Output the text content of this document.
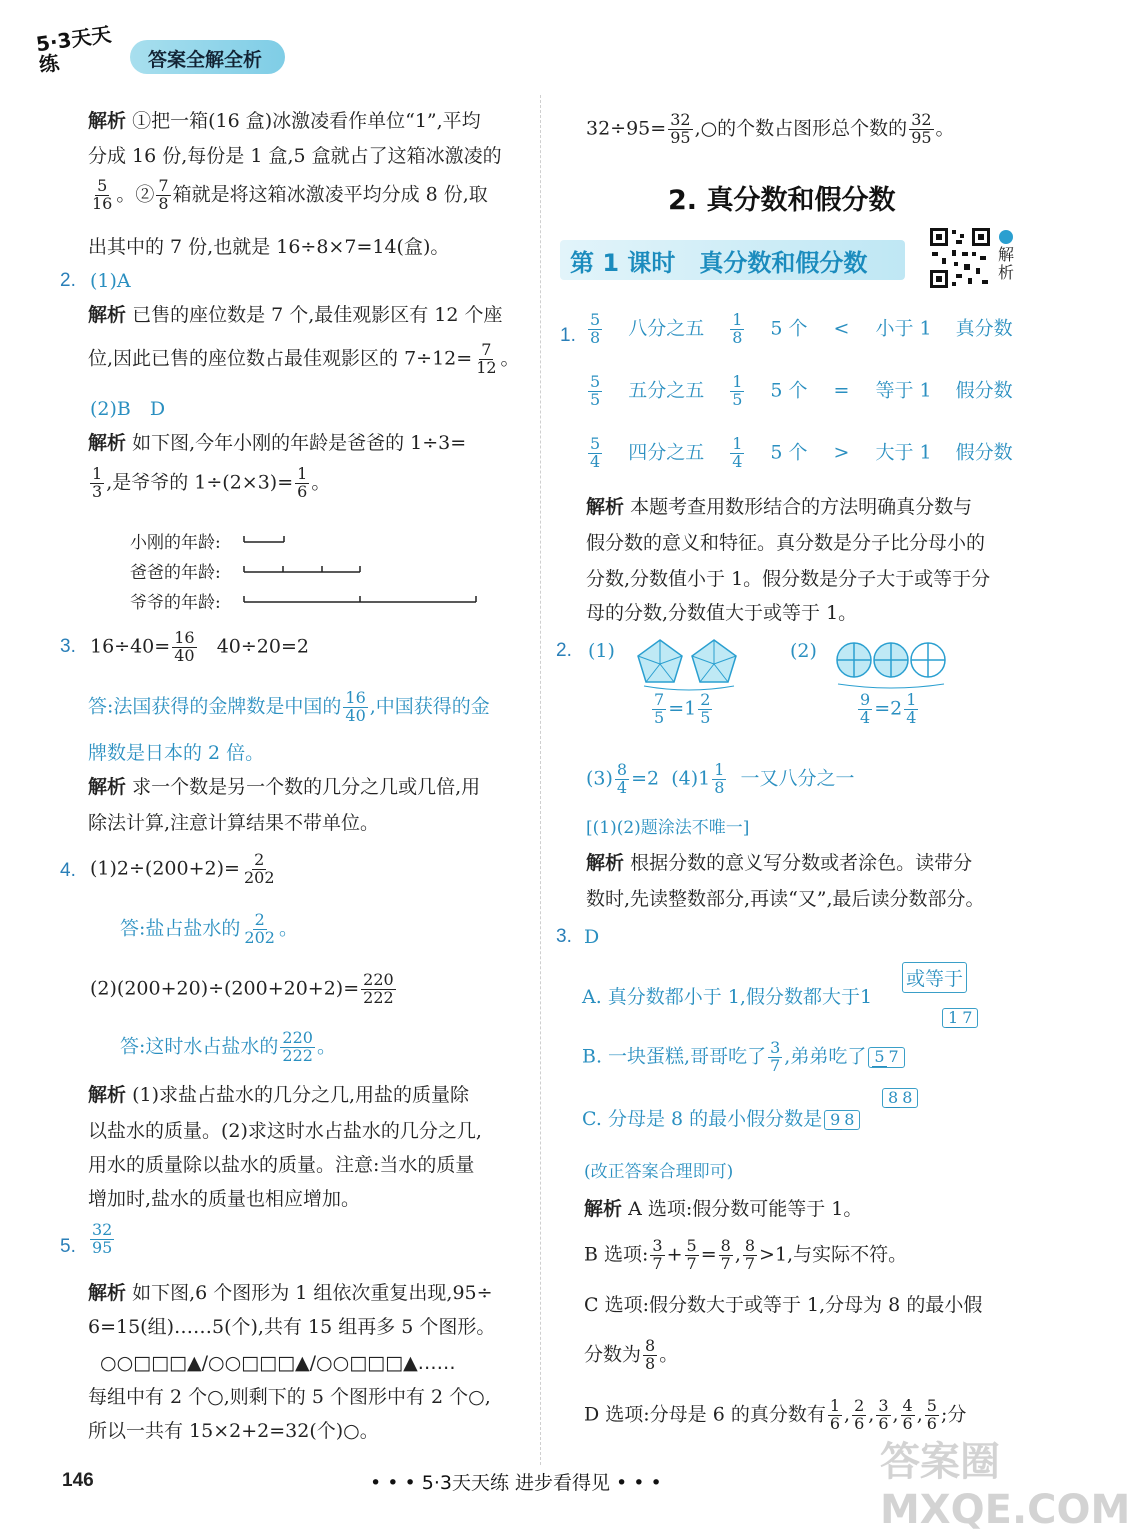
5·3天天练	答案全解全析
解析 ①把一箱(16 盒)冰激凌看作单位“1”,平均
分成 16 份,每份是 1 盒,5 盒就占了这箱冰激凌的
$\frac{5}{16}$ 。② $\frac{7}{8}$ 箱就是将这箱冰激凌平均分成 8 份,取
出其中的 7 份,也就是 16÷8×7=14(盒)。
2. (1)A
解析 已售的座位数是 7 个,最佳观影区有 12 个座
位,因此已售的座位数占最佳观影区的 $7\div 12= \frac{7}{12}$ 。
(2)B　D
解析 如下图,今年小刚的年龄是爸爸的 1÷3=
$\frac{1}{3}$ ,是爷爷的 $1\div(2\times 3)= \frac{1}{6}$ 。
小刚的年龄:
爸爸的年龄:
爷爷的年龄:
3. $16\div 40= \frac{16}{40} 40\div 20=2$
答:法国获得的金牌数是中国的 $\frac{16}{40}$ ,中国获得的金
牌数是日本的 2 倍。
解析 求一个数是另一个数的几分之几或几倍,用
除法计算,注意计算结果不带单位。
4. $(1)2\div(200+2)= \frac{2}{202}$
答:盐占盐水的 $\frac{2}{202}$ 。
$(2)(200+20)\div(200+20+2)= \frac{220}{222}$
答:这时水占盐水的 $\frac{220}{222}$ 。
解析 (1)求盐占盐水的几分之几,用盐的质量除
以盐水的质量。(2)求这时水占盐水的几分之几,
用水的质量除以盐水的质量。注意:当水的质量
增加时,盐水的质量也相应增加。
5. $\frac{32}{95}$
解析 如下图,6 个图形为 1 组依次重复出现,95÷
6=15(组)……5(个),共有 15 组再多 5 个图形。
○○□□□▲/○○□□□▲/○○□□□▲……
每组中有 2 个○,则剩下的 5 个图形中有 2 个○,
所以一共有 15×2+2=32(个)○。
$32\div 95= \frac{32}{95}$ ,○的个数占图形总个数的 $\frac{32}{95}$ 。
2. 真分数和假分数
第 1 课时　真分数和假分数	解析
1. $\frac{5}{8}$ 八分之五 $\frac{1}{8} 5$ 个 < 小于 1 真分数
$\frac{5}{5}$ 五分之五 $\frac{1}{5} 5$ 个 = 等于 1 假分数
$\frac{5}{4}$ 四分之五 $\frac{1}{4} 5$ 个 > 大于 1 假分数
解析 本题考查用数形结合的方法明确真分数与
假分数的意义和特征。真分数是分子比分母小的
分数,分数值小于 1。假分数是分子大于或等于分
母的分数,分数值大于或等于 1。
2. (1)
$\frac{7}{5} =1 \frac{2}{5}$
(2)
$\frac{9}{4} =2 \frac{1}{4}$
$(3) \frac{8}{4} =2$ $(4)1 \frac{1}{8}$ 一又八分之一
[(1)(2)题涂法不唯一]
解析 根据分数的意义写分数或者涂色。读带分
数时,先读整数部分,再读“又”,最后读分数部分。
3. D
A. 真分数都小于 1,假分数都大于1
或等于
B. 一块蛋糕,哥哥吃了 $\frac{3}{7}$ ,弟弟吃了 5 7
1 7
C. 分母是 8 的最小假分数是 9 8
8 8
(改正答案合理即可)
解析 A 选项:假分数可能等于 1。
B 选项: $\frac{3}{7} + \frac{5}{7} = \frac{8}{7}$ , $\frac{8}{7} >1$,与实际不符。
C 选项:假分数大于或等于 1,分母为 8 的最小假
分数为 $\frac{8}{8}$ 。
D 选项:分母是 6 的真分数有 $\frac{1}{6}$ , $\frac{2}{6}$ , $\frac{3}{6}$ , $\frac{4}{6}$ , $\frac{5}{6}$ ;分
146	• • • 5·3天天练 进步看得见 • • •	答案圈 MXQE.COM
